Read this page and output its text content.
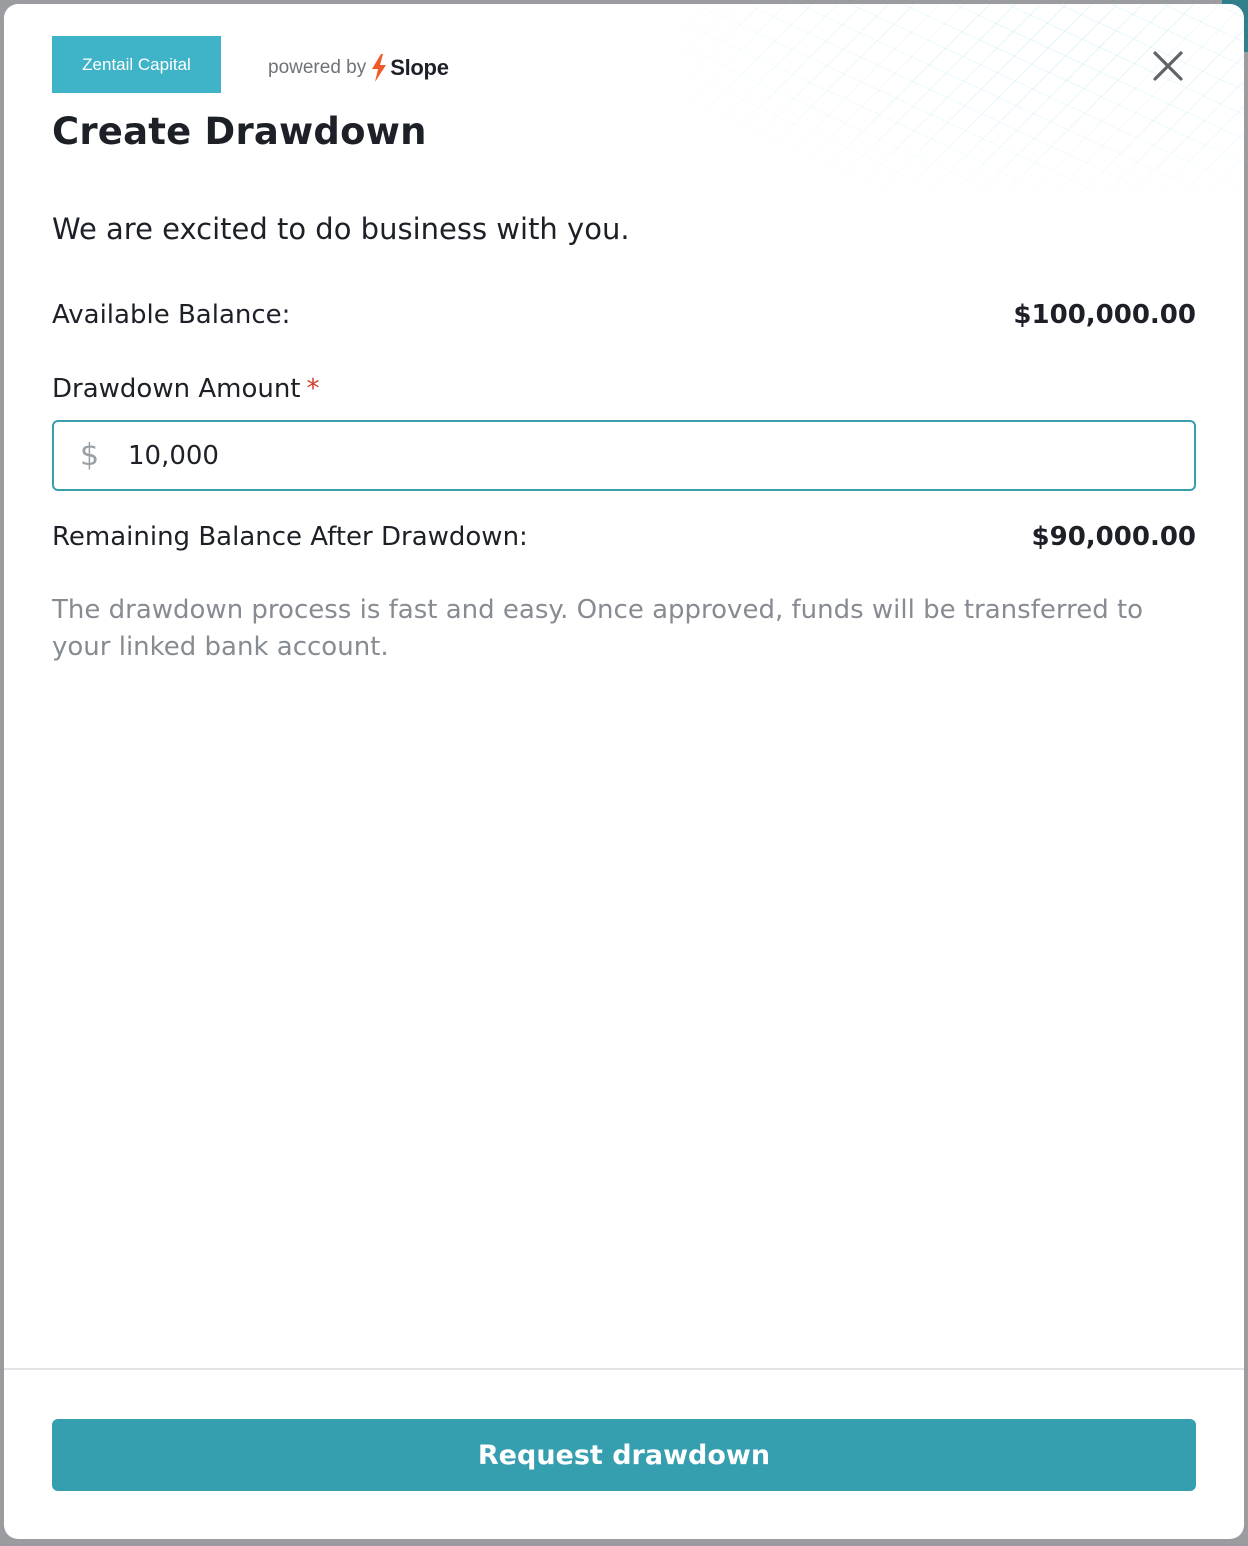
Zentail Capital	powered by Slope
Create Drawdown
We are excited to do business with you.
Available Balance:	$100,000.00
Drawdown Amount *
$
10,000
Remaining Balance After Drawdown:	$90,000.00
The drawdown process is fast and easy. Once approved, funds will be transferred to your linked bank account.
Request drawdown
